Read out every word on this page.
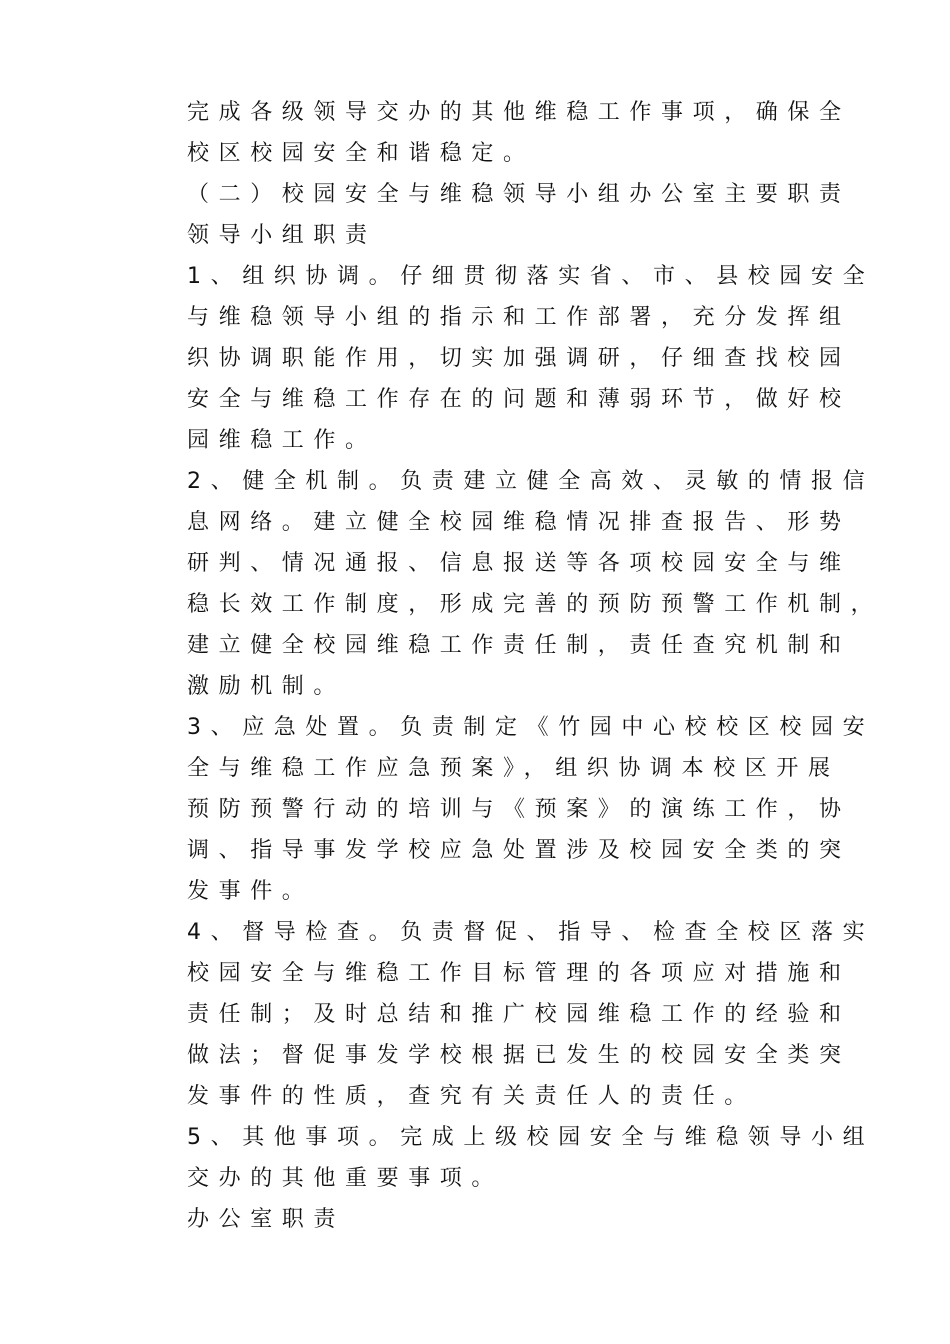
完成各级领导交办的其他维稳工作事项，确保全
校区校园安全和谐稳定。
（二）校园安全与维稳领导小组办公室主要职责
领导小组职责
1、组织协调。仔细贯彻落实省、市、县校园安全
与维稳领导小组的指示和工作部署，充分发挥组
织协调职能作用，切实加强调研，仔细查找校园
安全与维稳工作存在的问题和薄弱环节，做好校
园维稳工作。
2、健全机制。负责建立健全高效、灵敏的情报信
息网络。建立健全校园维稳情况排查报告、形势
研判、情况通报、信息报送等各项校园安全与维
稳长效工作制度，形成完善的预防预警工作机制，
建立健全校园维稳工作责任制，责任查究机制和
激励机制。
3、应急处置。负责制定《竹园中心校校区校园安
全与维稳工作应急预案》，组织协调本校区开展
预防预警行动的培训与《预案》的演练工作，协
调、指导事发学校应急处置涉及校园安全类的突
发事件。
4、督导检查。负责督促、指导、检查全校区落实
校园安全与维稳工作目标管理的各项应对措施和
责任制；及时总结和推广校园维稳工作的经验和
做法；督促事发学校根据已发生的校园安全类突
发事件的性质，查究有关责任人的责任。
5、其他事项。完成上级校园安全与维稳领导小组
交办的其他重要事项。
办公室职责
